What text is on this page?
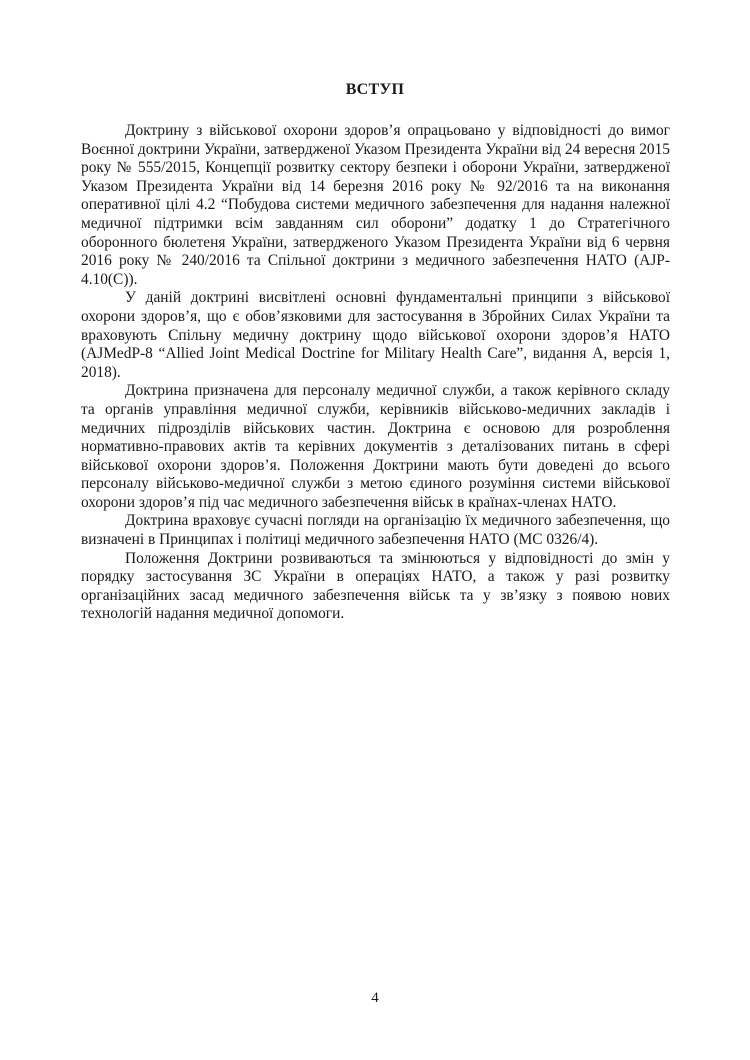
ВСТУП

Доктрину з військової охорони здоров’я опрацьовано у відповідності до вимог Воєнної доктрини України, затвердженої Указом Президента України від 24 вересня 2015 року № 555/2015, Концепції розвитку сектору безпеки і оборони України, затвердженої Указом Президента України від 14 березня 2016 року № 92/2016 та на виконання оперативної цілі 4.2 “Побудова системи медичного забезпечення для надання належної медичної підтримки всім завданням сил оборони” додатку 1 до Стратегічного оборонного бюлетеня України, затвердженого Указом Президента України від 6 червня 2016 року № 240/2016 та Спільної доктрини з медичного забезпечення НАТО (AJP-4.10(С)).

У даній доктрині висвітлені основні фундаментальні принципи з військової охорони здоров’я, що є обов’язковими для застосування в Збройних Силах України та враховують Спільну медичну доктрину щодо військової охорони здоров’я НАТО (AJMedP-8 “Allied Joint Medical Doctrine for Military Health Care”, видання А, версія 1, 2018).

Доктрина призначена для персоналу медичної служби, а також керівного складу та органів управління медичної служби, керівників військово-медичних закладів і медичних підрозділів військових частин. Доктрина є основою для розроблення нормативно-правових актів та керівних документів з деталізованих питань в сфері військової охорони здоров’я. Положення Доктрини мають бути доведені до всього персоналу військово-медичної служби з метою єдиного розуміння системи військової охорони здоров’я під час медичного забезпечення військ в країнах-членах НАТО.

Доктрина враховує сучасні погляди на організацію їх медичного забезпечення, що визначені в Принципах і політиці медичного забезпечення НАТО (MC 0326/4).

Положення Доктрини розвиваються та змінюються у відповідності до змін у порядку застосування ЗС України в операціях НАТО, а також у разі розвитку організаційних засад медичного забезпечення військ та у зв’язку з появою нових технологій надання медичної допомоги.

4
